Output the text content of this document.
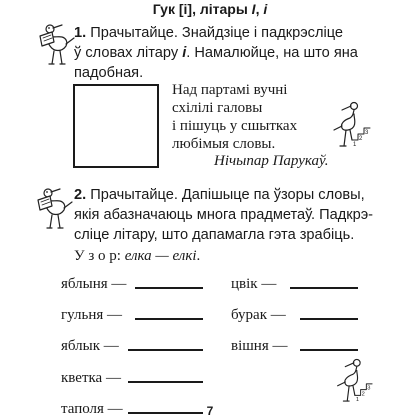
Гук [і], літары І, і
1. Прачытайце. Знайдзіце і падкрэсліце
ў словах літару і. Намалюйце, на што яна
падобная.
Над партамі вучні
схілілі галовы
і пішуць у сшытках
любімыя словы.
Нічыпар Парукаў.
1
2
3
2. Прачытайце. Дапішыце па ўзоры словы,
якія абазначаюць многа прадметаў. Падкрэ-
сліце літару, што дапамагла гэта зрабіць.
У з о р: елка — елкі.
яблыня —
гульня —
яблык —
кветка —
таполя —
цвік —
бурак —
вішня —
1
2
3
7
